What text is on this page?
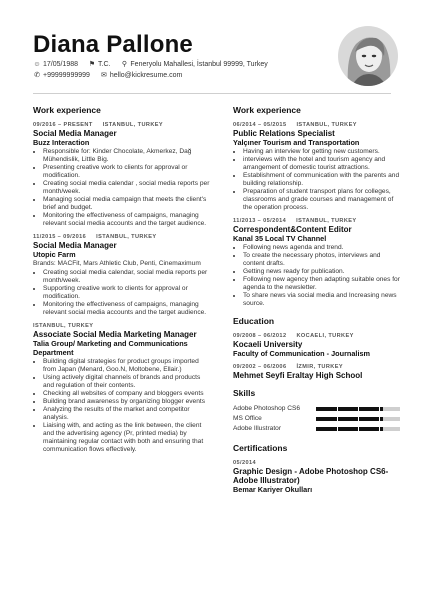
Diana Pallone
☺ 17/05/1988 ⚑ T.C. ⚲ Feneryolu Mahallesi, İstanbul 99999, Turkey
✆ +99999999999 ✉ hello@kickresume.com
Work experience
09/2016 – PRESENT ISTANBUL, TURKEY
Social Media Manager
Buzz Interaction
• Responsible for: Kinder Chocolate, Akmerkez, Dağ Mühendislik, Little Big.
• Presenting creative work to clients for approval or modification.
• Creating social media calendar , social media reports per month/week.
• Managing social media campaign that meets the client's brief and budget.
• Monitoring the effectiveness of campaigns, managing relevant social media accounts and the target audience.
11/2015 – 09/2016 ISTANBUL, TURKEY
Social Media Manager
Utopic Farm
Brands: MACFit, Mars Athletic Club, Penti, Cinemaximum
• Creating social media calendar, social media reports per month/week.
• Supporting creative work to clients for approval or modification.
• Monitoring the effectiveness of campaigns, managing relevant social media accounts and the target audience.
ISTANBUL, TURKEY
Associate Social Media Marketing Manager
Talia Group/ Marketing and Communications Department
• Building digital strategies for product groups imported from Japan (Menard, Goo.N, Moltobene, Ellair.)
• Using actively digital channels of brands and products and regulation of their contents.
• Checking all websites of company and bloggers events
• Building brand awareness by organizing blogger events
• Analyzing the results of the market and competitor analysis.
• Liaising with, and acting as the link between, the client and the advertising agency (Pr, printed media) by maintaining regular contact with both and ensuring that communication flows effectively.
Work experience
06/2014 – 05/2015 ISTANBUL, TURKEY
Public Relations Specialist
Yalçıner Tourism and Transportation
• Having an interview for getting new customers.
• interviews with the hotel and tourism agency and arrangement of domestic tourist attractions.
• Establishment of communication with the parents and building relationship.
• Preparation of student transport plans for colleges, classrooms and grade courses and management of the operation process.
11/2013 – 05/2014 ISTANBUL, TURKEY
Correspondent&Content Editor
Kanal 35 Local TV Channel
• Following news agenda and trend.
• To create the necessary photos, interviews and content drafts.
• Getting news ready for publication.
• Following new agency then adapting suitable ones for agenda to the newsletter.
• To share news via social media and Increasing news source.
Education
09/2008 – 06/2012 KOCAELI, TURKEY
Kocaeli University
Faculty of Communication - Journalism
09/2002 – 06/2006 İZMIR, TURKEY
Mehmet Seyfi Eraltay High School
Skills
Adobe Photoshop CS6
MS Office
Adobe Illustrator
Certifications
05/2014
Graphic Design - Adobe Photoshop CS6- Adobe Illustrator)
Bemar Kariyer Okulları
